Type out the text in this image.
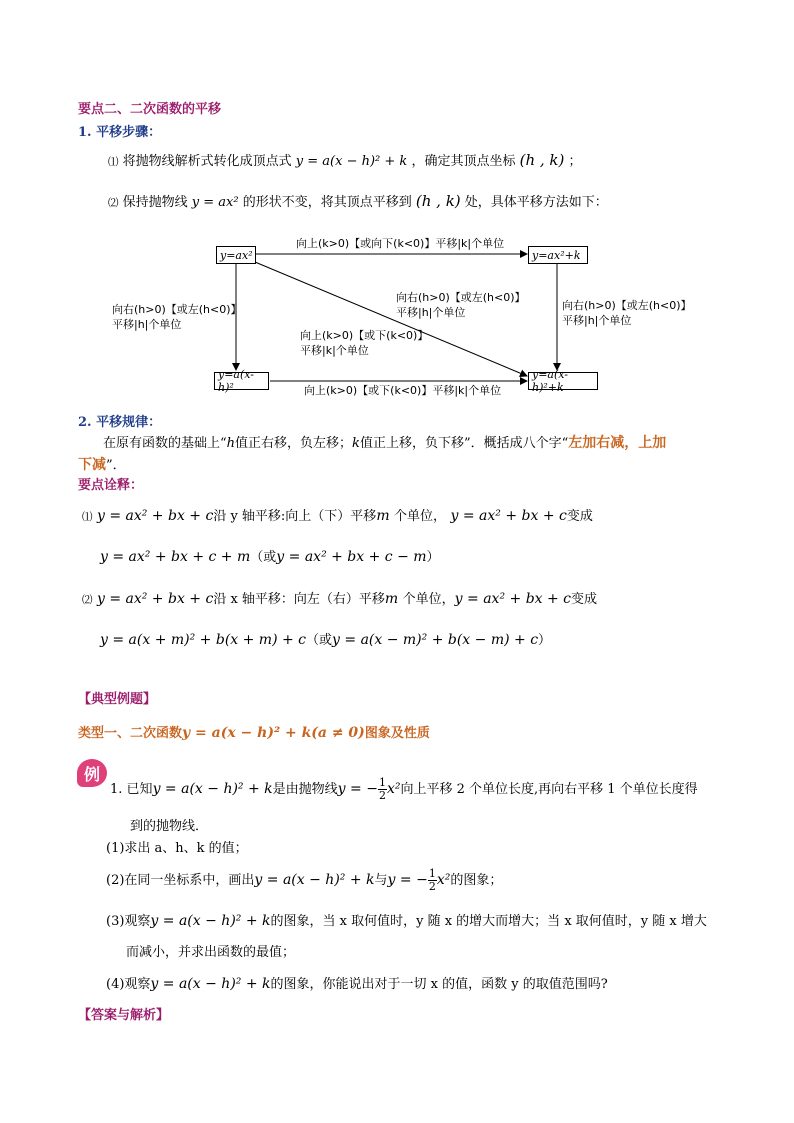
要点二、二次函数的平移
1. 平移步骤：
⑴ 将抛物线解析式转化成顶点式 y = a(x − h)² + k ，确定其顶点坐标 (h , k) ；
⑵ 保持抛物线 y = ax² 的形状不变，将其顶点平移到 (h , k) 处，具体平移方法如下：
y=ax²	y=ax²+k
y=a(x-h)²
y=a(x-h)²+k
向上(k>0)【或向下(k<0)】平移|k|个单位
向右(h>0)【或左(h<0)】
平移|h|个单位
向右(h>0)【或左(h<0)】
平移|h|个单位
向右(h>0)【或左(h<0)】
平移|h|个单位
向上(k>0)【或下(k<0)】
平移|k|个单位
向上(k>0)【或下(k<0)】平移|k|个单位
2. 平移规律：
在原有函数的基础上“h值正右移，负左移；k值正上移，负下移”．概括成八个字“左加右减，上加
下减”．
要点诠释：
⑴ y = ax² + bx + c沿 y 轴平移:向上（下）平移m 个单位， y = ax² + bx + c变成
y = ax² + bx + c + m（或y = ax² + bx + c − m）
⑵ y = ax² + bx + c沿 x 轴平移：向左（右）平移m 个单位，y = ax² + bx + c变成
y = a(x + m)² + b(x + m) + c（或y = a(x − m)² + b(x − m) + c）
【典型例题】
类型一、二次函数y = a(x − h)² + k(a ≠ 0)图象及性质
例
1. 已知y = a(x − h)² + k是由抛物线y = − $\frac{1}{2} x^2$向上平移 2 个单位长度,再向右平移 1 个单位长度得
到的抛物线．
(1)求出 a、h、k 的值；
(2)在同一坐标系中，画出y = a(x − h)² + k与y = − $\frac{1}{2} x^2$的图象；
(3)观察y = a(x − h)² + k的图象，当 x 取何值时，y 随 x 的增大而增大；当 x 取何值时，y 随 x 增大
而减小，并求出函数的最值；
(4)观察y = a(x − h)² + k的图象，你能说出对于一切 x 的值，函数 y 的取值范围吗?
【答案与解析】
